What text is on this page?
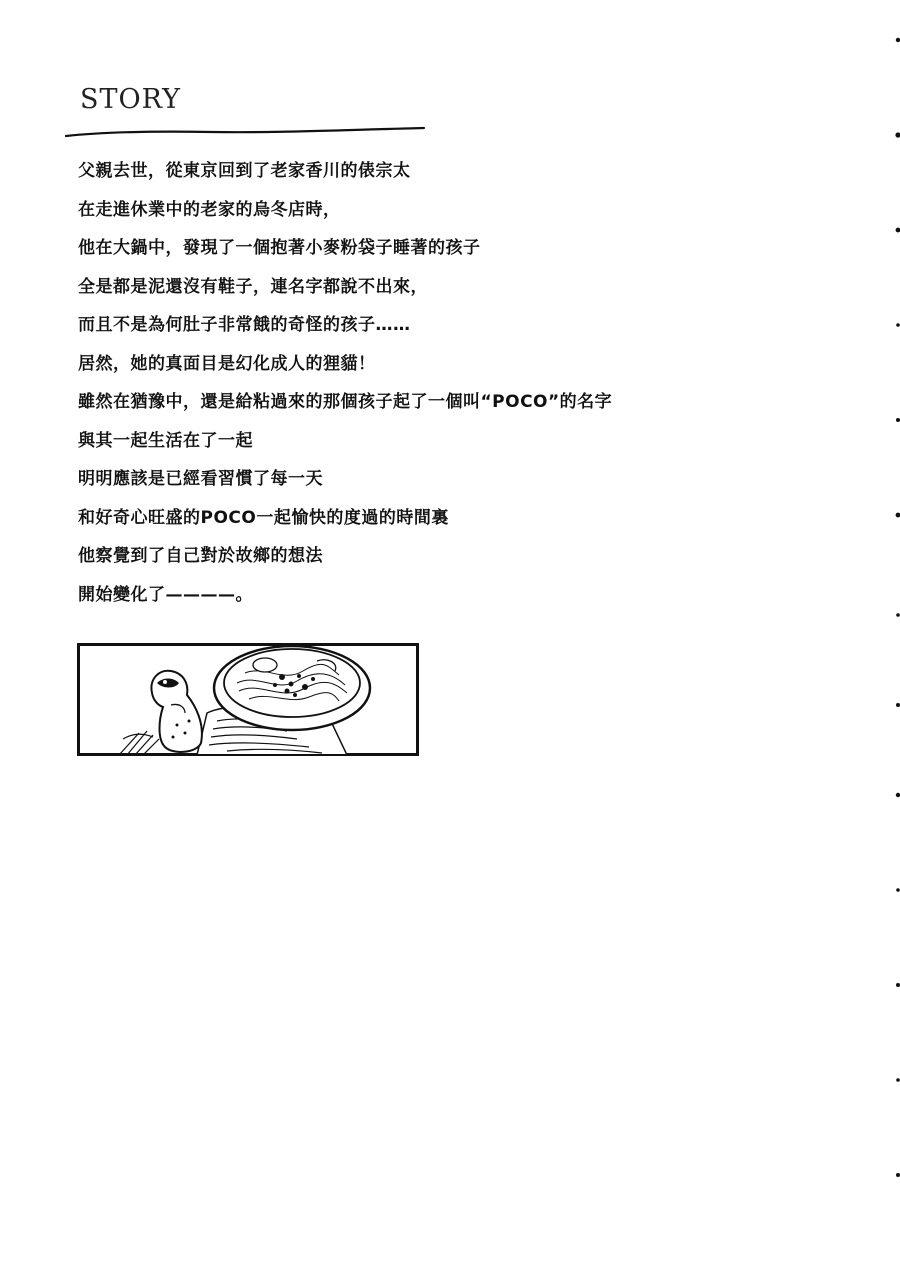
STORY
父親去世，從東京回到了老家香川的俵宗太
在走進休業中的老家的烏冬店時，
他在大鍋中，發現了一個抱著小麥粉袋子睡著的孩子
全是都是泥還沒有鞋子，連名字都說不出來，
而且不是為何肚子非常餓的奇怪的孩子……
居然，她的真面目是幻化成人的狸貓！
雖然在猶豫中，還是給粘過來的那個孩子起了一個叫“POCO”的名字
與其一起生活在了一起
明明應該是已經看習慣了每一天
和好奇心旺盛的POCO一起愉快的度過的時間裏
他察覺到了自己對於故鄉的想法
開始變化了————。
